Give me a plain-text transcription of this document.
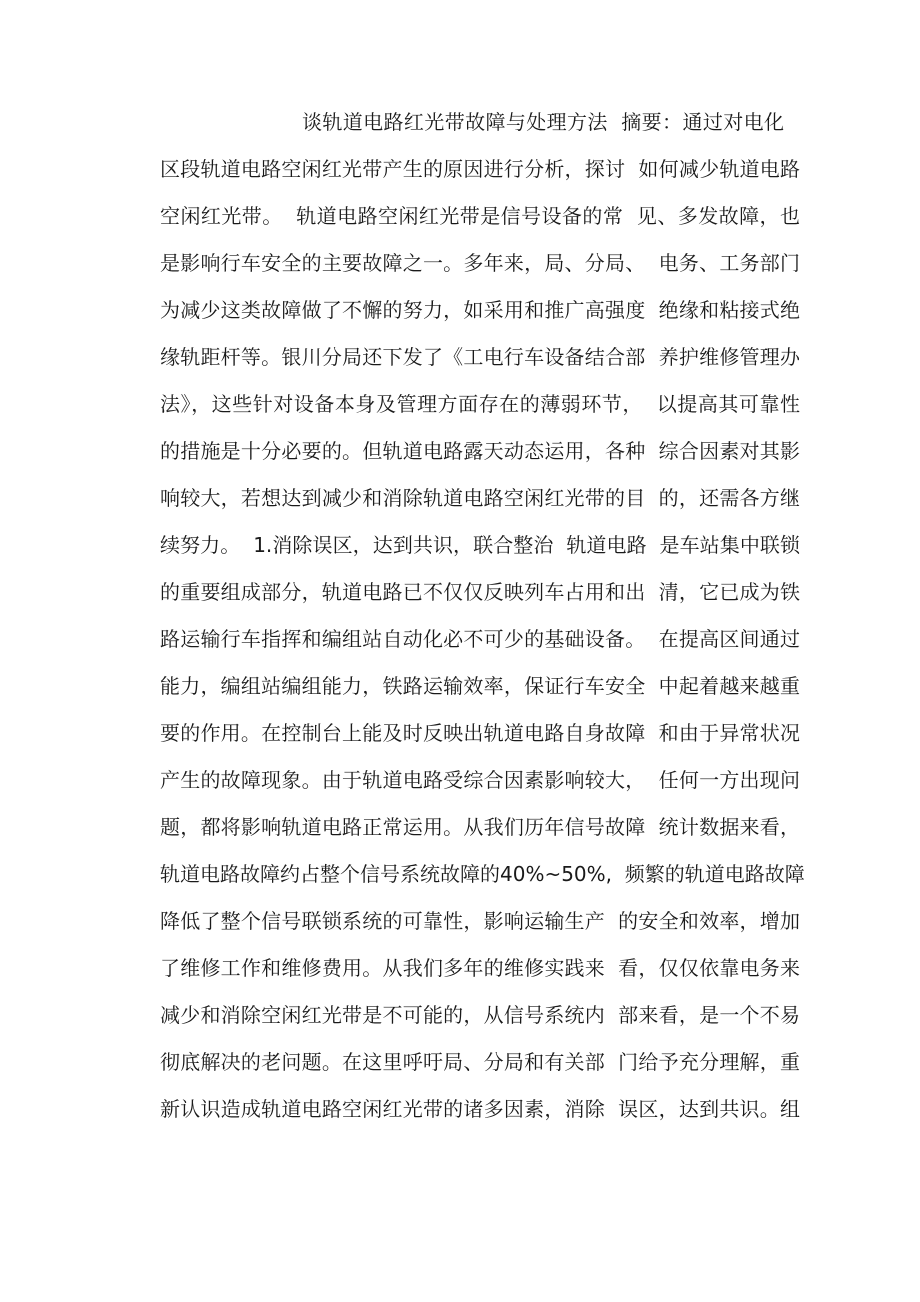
谈轨道电路红光带故障与处理方法  摘要：通过对电化
区段轨道电路空闲红光带产生的原因进行分析，探讨  如何减少轨道电路
空闲红光带。  轨道电路空闲红光带是信号设备的常  见、多发故障，也
是影响行车安全的主要故障之一。多年来，局、分局、  电务、工务部门
为减少这类故障做了不懈的努力，如采用和推广高强度  绝缘和粘接式绝
缘轨距杆等。银川分局还下发了《工电行车设备结合部  养护维修管理办
法》，这些针对设备本身及管理方面存在的薄弱环节，  以提高其可靠性
的措施是十分必要的。但轨道电路露天动态运用，各种  综合因素对其影
响较大，若想达到减少和消除轨道电路空闲红光带的目  的，还需各方继
续努力。  1.消除误区，达到共识，联合整治  轨道电路  是车站集中联锁
的重要组成部分，轨道电路已不仅仅反映列车占用和出  清，它已成为铁
路运输行车指挥和编组站自动化必不可少的基础设备。  在提高区间通过
能力，编组站编组能力，铁路运输效率，保证行车安全  中起着越来越重
要的作用。在控制台上能及时反映出轨道电路自身故障  和由于异常状况
产生的故障现象。由于轨道电路受综合因素影响较大，  任何一方出现问
题，都将影响轨道电路正常运用。从我们历年信号故障  统计数据来看，
轨道电路故障约占整个信号系统故障的40%~50%,  频繁的轨道电路故障
降低了整个信号联锁系统的可靠性，影响运输生产  的安全和效率，增加
了维修工作和维修费用。从我们多年的维修实践来  看，仅仅依靠电务来
减少和消除空闲红光带是不可能的，从信号系统内  部来看，是一个不易
彻底解决的老问题。在这里呼吁局、分局和有关部  门给予充分理解，重
新认识造成轨道电路空闲红光带的诸多因素，消除  误区，达到共识。组
